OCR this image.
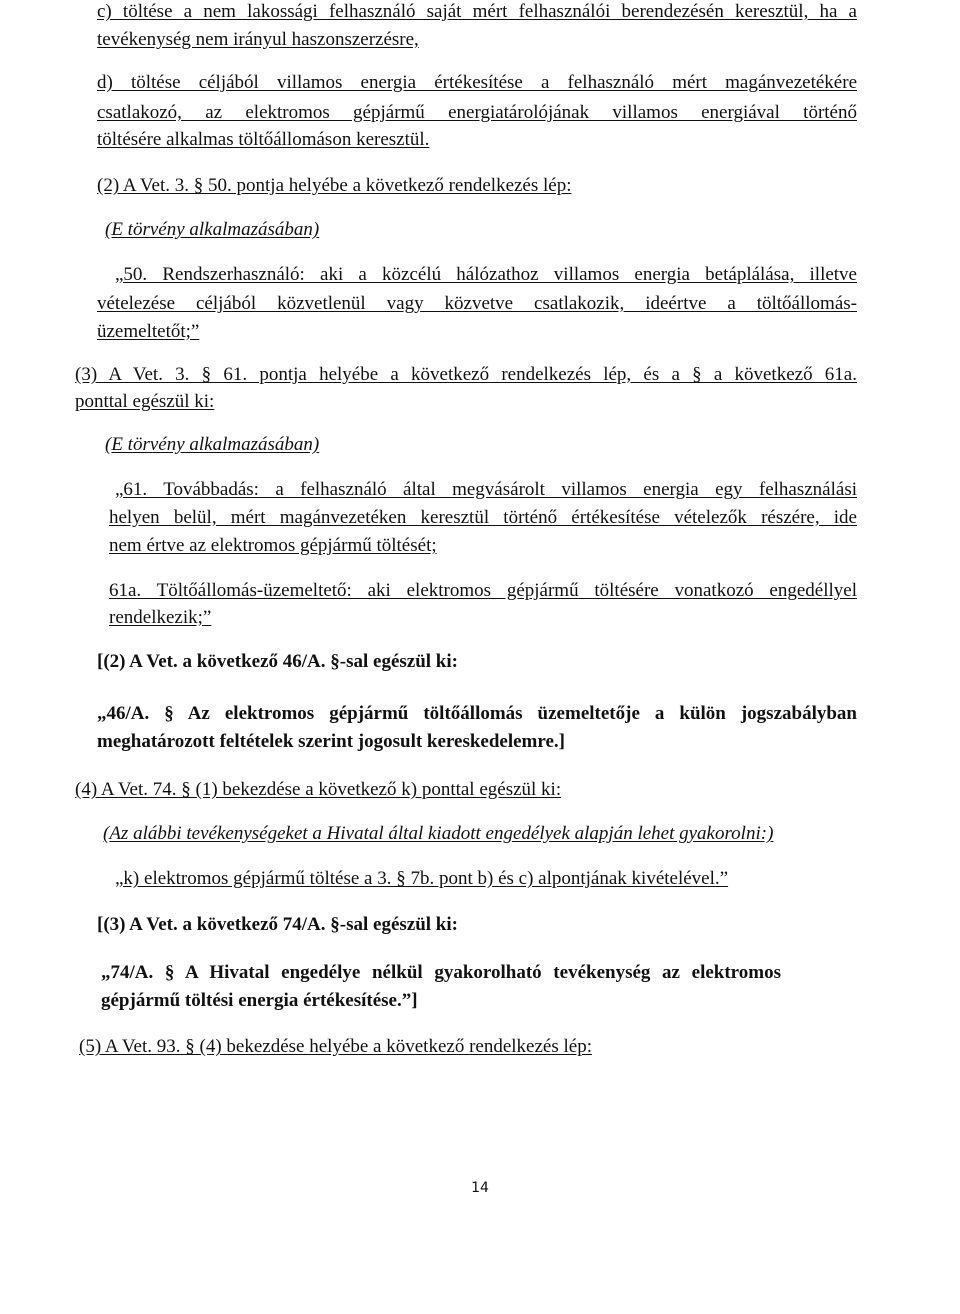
c) töltése a nem lakossági felhasználó saját mért felhasználói berendezésén keresztül, ha a

tevékenység nem irányul haszonszerzésre,

d) töltése céljából villamos energia értékesítése a felhasználó mért magánvezetékére

csatlakozó, az elektromos gépjármű energiatárolójának villamos energiával történő

töltésére alkalmas töltőállomáson keresztül.

(2) A Vet. 3. § 50. pontja helyébe a következő rendelkezés lép:

(E törvény alkalmazásában)

„50. Rendszerhasználó: aki a közcélú hálózathoz villamos energia betáplálása, illetve

vételezése céljából közvetlenül vagy közvetve csatlakozik, ideértve a töltőállomás-

üzemeltetőt;”

(3) A Vet. 3. § 61. pontja helyébe a következő rendelkezés lép, és a § a következő 61a.

ponttal egészül ki:

(E törvény alkalmazásában)

„61. Továbbadás: a felhasználó által megvásárolt villamos energia egy felhasználási

helyen belül, mért magánvezetéken keresztül történő értékesítése vételezők részére, ide

nem értve az elektromos gépjármű töltését;

61a. Töltőállomás-üzemeltető: aki elektromos gépjármű töltésére vonatkozó engedéllyel

rendelkezik;”

[(2) A Vet. a következő 46/A. §-sal egészül ki:

„46/A. § Az elektromos gépjármű töltőállomás üzemeltetője a külön jogszabályban

meghatározott feltételek szerint jogosult kereskedelemre.]

(4) A Vet. 74. § (1) bekezdése a következő k) ponttal egészül ki:

(Az alábbi tevékenységeket a Hivatal által kiadott engedélyek alapján lehet gyakorolni:)

„k) elektromos gépjármű töltése a 3. § 7b. pont b) és c) alpontjának kivételével.”

[(3) A Vet. a következő 74/A. §-sal egészül ki:

„74/A. § A Hivatal engedélye nélkül gyakorolható tevékenység az elektromos

gépjármű töltési energia értékesítése.”]

(5) A Vet. 93. § (4) bekezdése helyébe a következő rendelkezés lép:

14
